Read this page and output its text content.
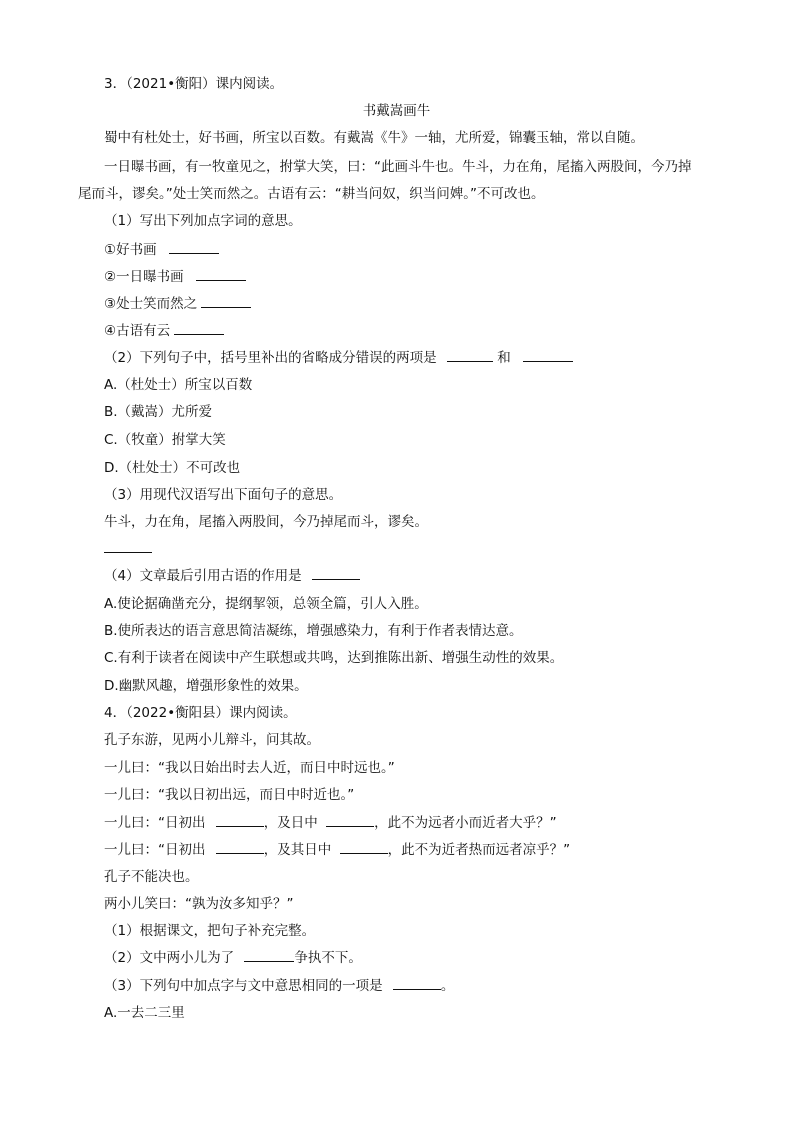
3．（2021•衡阳）课内阅读。
书戴嵩画牛
蜀中有杜处士，好书画，所宝以百数。有戴嵩《牛》一轴，尤所爱，锦囊玉轴，常以自随。
一日曝书画，有一牧童见之，拊掌大笑，曰：“此画斗牛也。牛斗，力在角，尾搐入两股间，今乃掉
尾而斗，谬矣。”处士笑而然之。古语有云：“耕当问奴，织当问婢。”不可改也。
（1）写出下列加点字词的意思。
①好书画
②一日曝书画
③处士笑而然之
④古语有云
（2）下列句子中，括号里补出的省略成分错误的两项是	和
A.（杜处士）所宝以百数
B.（戴嵩）尤所爱
C.（牧童）拊掌大笑
D.（杜处士）不可改也
（3）用现代汉语写出下面句子的意思。
牛斗，力在角，尾搐入两股间，今乃掉尾而斗，谬矣。
（4）文章最后引用古语的作用是
A.使论据确凿充分，提纲挈领，总领全篇，引人入胜。
B.使所表达的语言意思简洁凝练，增强感染力，有利于作者表情达意。
C.有利于读者在阅读中产生联想或共鸣，达到推陈出新、增强生动性的效果。
D.幽默风趣，增强形象性的效果。
4．（2022•衡阳县）课内阅读。
孔子东游，见两小儿辩斗，问其故。
一儿曰：“我以日始出时去人近，而日中时远也。”
一儿曰：“我以日初出远，而日中时近也。”
一儿曰：“日初出	，及日中	，此不为远者小而近者大乎？”
一儿曰：“日初出	，及其日中	，此不为近者热而远者凉乎？”
孔子不能决也。
两小儿笑曰：“孰为汝多知乎？”
（1）根据课文，把句子补充完整。
（2）文中两小儿为了	争执不下。
（3）下列句中加点字与文中意思相同的一项是	。
A.一去二三里
